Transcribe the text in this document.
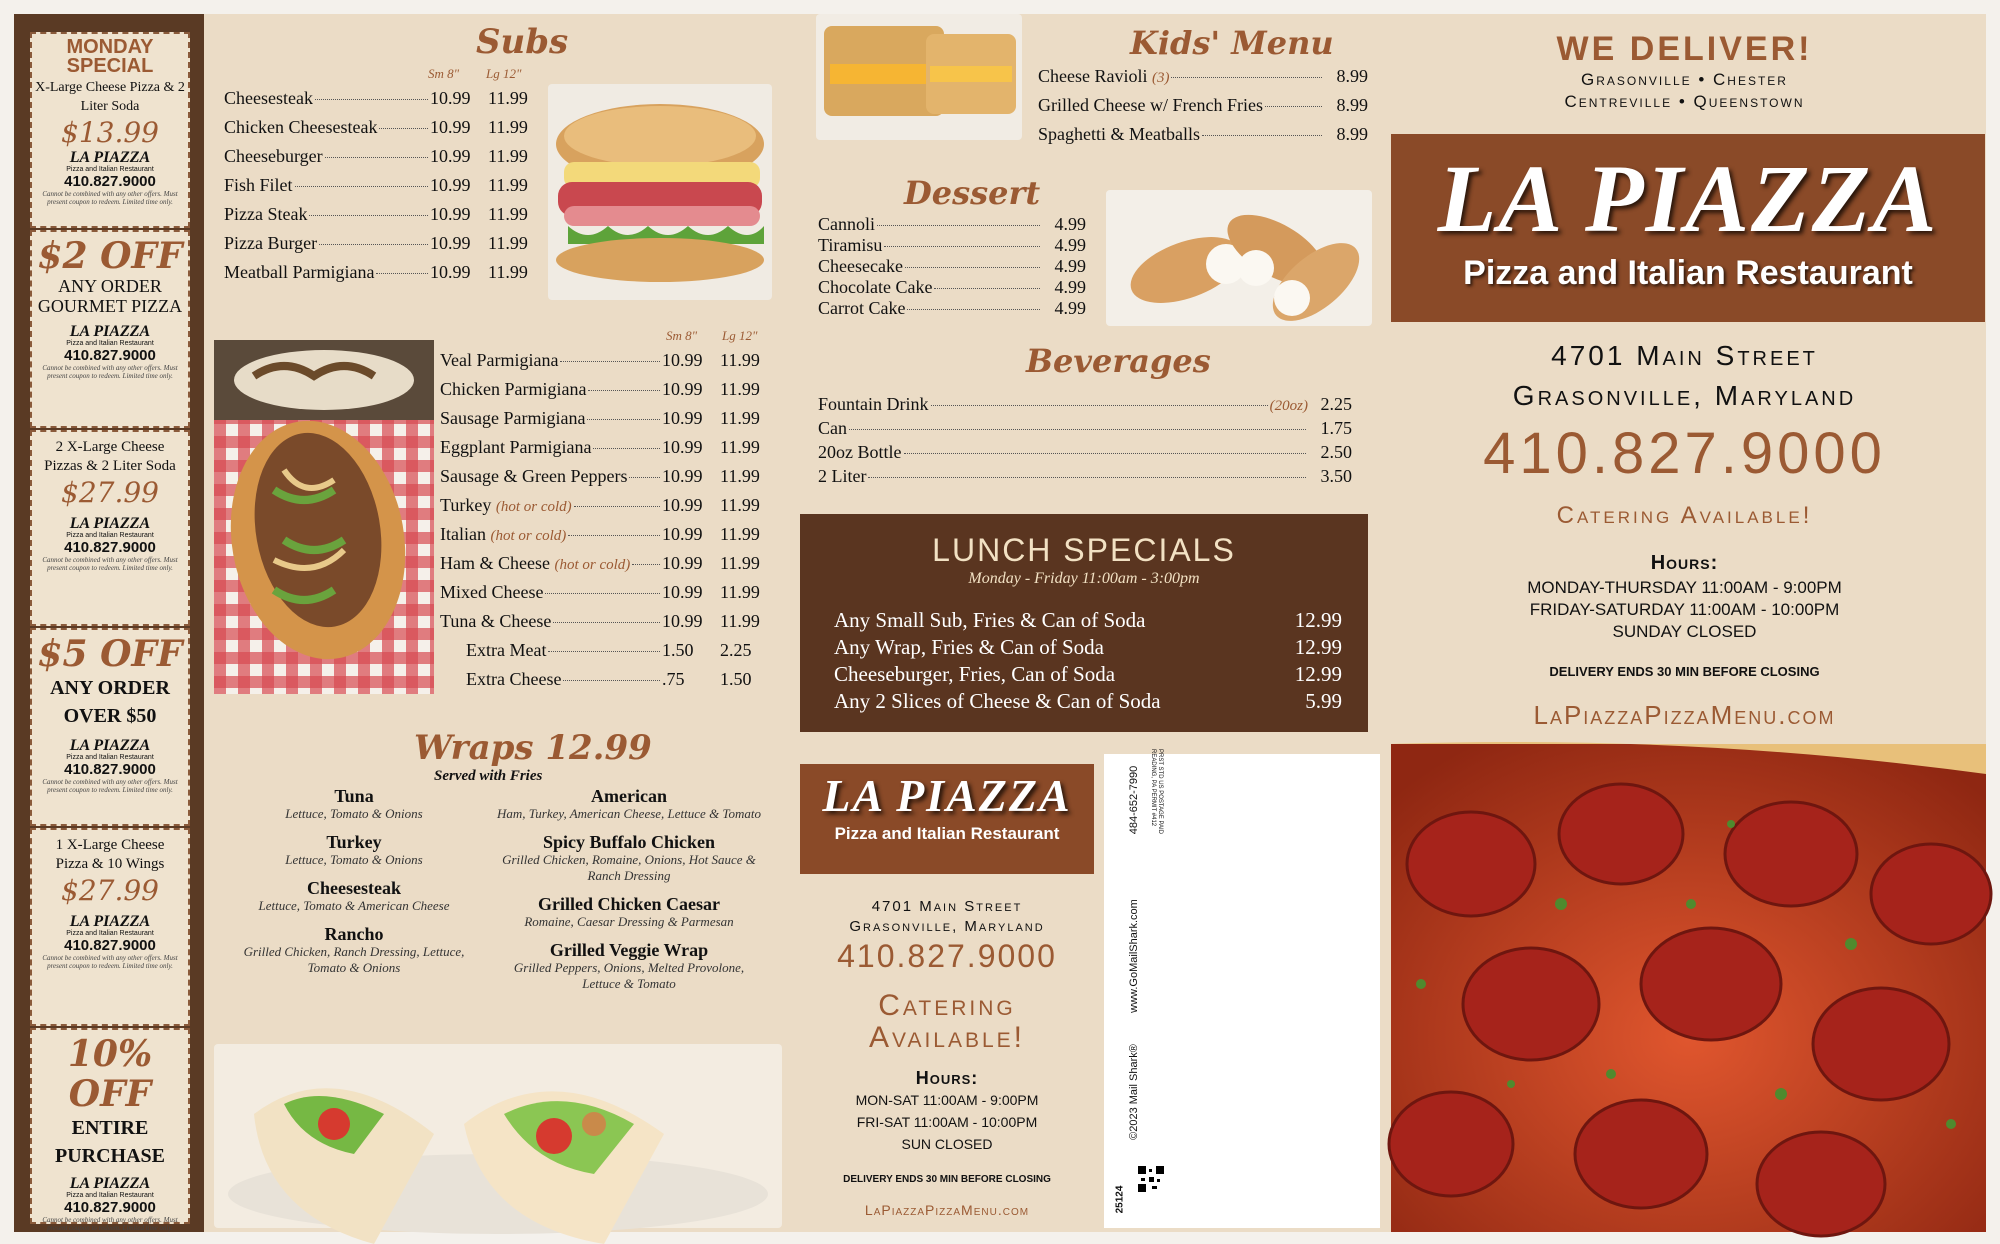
MONDAY SPECIAL
X-Large Cheese Pizza & 2 Liter Soda
$13.99
LA PIAZZA
Pizza and Italian Restaurant
410.827.9000
Cannot be combined with any other offers. Must present coupon to redeem. Limited time only.
$2 OFF
ANY ORDER GOURMET PIZZA
LA PIAZZA
Pizza and Italian Restaurant
410.827.9000
Cannot be combined with any other offers. Must present coupon to redeem. Limited time only.
2 X-Large Cheese Pizzas & 2 Liter Soda
$27.99
LA PIAZZA
Pizza and Italian Restaurant
410.827.9000
Cannot be combined with any other offers. Must present coupon to redeem. Limited time only.
$5 OFF
ANY ORDER OVER $50
LA PIAZZA
Pizza and Italian Restaurant
410.827.9000
Cannot be combined with any other offers. Must present coupon to redeem. Limited time only.
1 X-Large Cheese Pizza & 10 Wings
$27.99
LA PIAZZA
Pizza and Italian Restaurant
410.827.9000
Cannot be combined with any other offers. Must present coupon to redeem. Limited time only.
10% OFF
ENTIRE PURCHASE
LA PIAZZA
Pizza and Italian Restaurant
410.827.9000
Cannot be combined with any other offers. Must present coupon to redeem. Limited time only.
Subs
Sm 8" Lg 12"
Cheesesteak	10.99 11.99
Chicken Cheesesteak	10.99 11.99
Cheeseburger	10.99 11.99
Fish Filet	10.99 11.99
Pizza Steak	10.99 11.99
Pizza Burger	10.99 11.99
Meatball Parmigiana	10.99 11.99
Sm 8" Lg 12"
Veal Parmigiana	10.99 11.99
Chicken Parmigiana	10.99 11.99
Sausage Parmigiana	10.99 11.99
Eggplant Parmigiana	10.99 11.99
Sausage & Green Peppers 10.99 11.99
Turkey (hot or cold)	10.99 11.99
Italian (hot or cold)	10.99 11.99
Ham & Cheese (hot or cold) 10.99 11.99
Mixed Cheese	10.99 11.99
Tuna & Cheese	10.99 11.99
Extra Meat	1.50	2.25
Extra Cheese	.75	1.50
Wraps 12.99
Served with Fries
Tuna
Lettuce, Tomato & Onions
Turkey
Lettuce, Tomato & Onions
Cheesesteak
Lettuce, Tomato & American Cheese
Rancho
Grilled Chicken, Ranch Dressing, Lettuce, Tomato & Onions
American
Ham, Turkey, American Cheese, Lettuce & Tomato
Spicy Buffalo Chicken
Grilled Chicken, Romaine, Onions, Hot Sauce & Ranch Dressing
Grilled Chicken Caesar
Romaine, Caesar Dressing & Parmesan
Grilled Veggie Wrap
Grilled Peppers, Onions, Melted Provolone, Lettuce & Tomato
Kids' Menu
Cheese Ravioli (3)	8.99
Grilled Cheese w/ French Fries	8.99
Spaghetti & Meatballs	8.99
Dessert
Cannoli	4.99
Tiramisu	4.99
Cheesecake	4.99
Chocolate Cake	4.99
Carrot Cake	4.99
Beverages
Fountain Drink	(20oz) 2.25
Can	1.75
20oz Bottle	2.50
2 Liter	3.50
LUNCH SPECIALS
Monday - Friday 11:00am - 3:00pm
Any Small Sub, Fries & Can of Soda	12.99
Any Wrap, Fries & Can of Soda	12.99
Cheeseburger, Fries, Can of Soda	12.99
Any 2 Slices of Cheese & Can of Soda	5.99
LA PIAZZA
Pizza and Italian Restaurant
4701 Main Street
Grasonville, Maryland
410.827.9000
Catering Available!
Hours:
MON-SAT 11:00AM - 9:00PM
FRI-SAT 11:00AM - 10:00PM
SUN CLOSED
DELIVERY ENDS 30 MIN BEFORE CLOSING
LaPiazzaPizzaMenu.com
484-652-7990	PRST STD US POSTAGE PAID READING, PA PERMIT #412
www.GoMailShark.com
©2023 Mail Shark®
25124
WE DELIVER!
Grasonville • Chester
Centreville • Queenstown
LA PIAZZA
Pizza and Italian Restaurant
4701 Main Street
Grasonville, Maryland
410.827.9000
Catering Available!
Hours:
MONDAY-THURSDAY 11:00AM - 9:00PM
FRIDAY-SATURDAY 11:00AM - 10:00PM
SUNDAY CLOSED
DELIVERY ENDS 30 MIN BEFORE CLOSING
LaPiazzaPizzaMenu.com
